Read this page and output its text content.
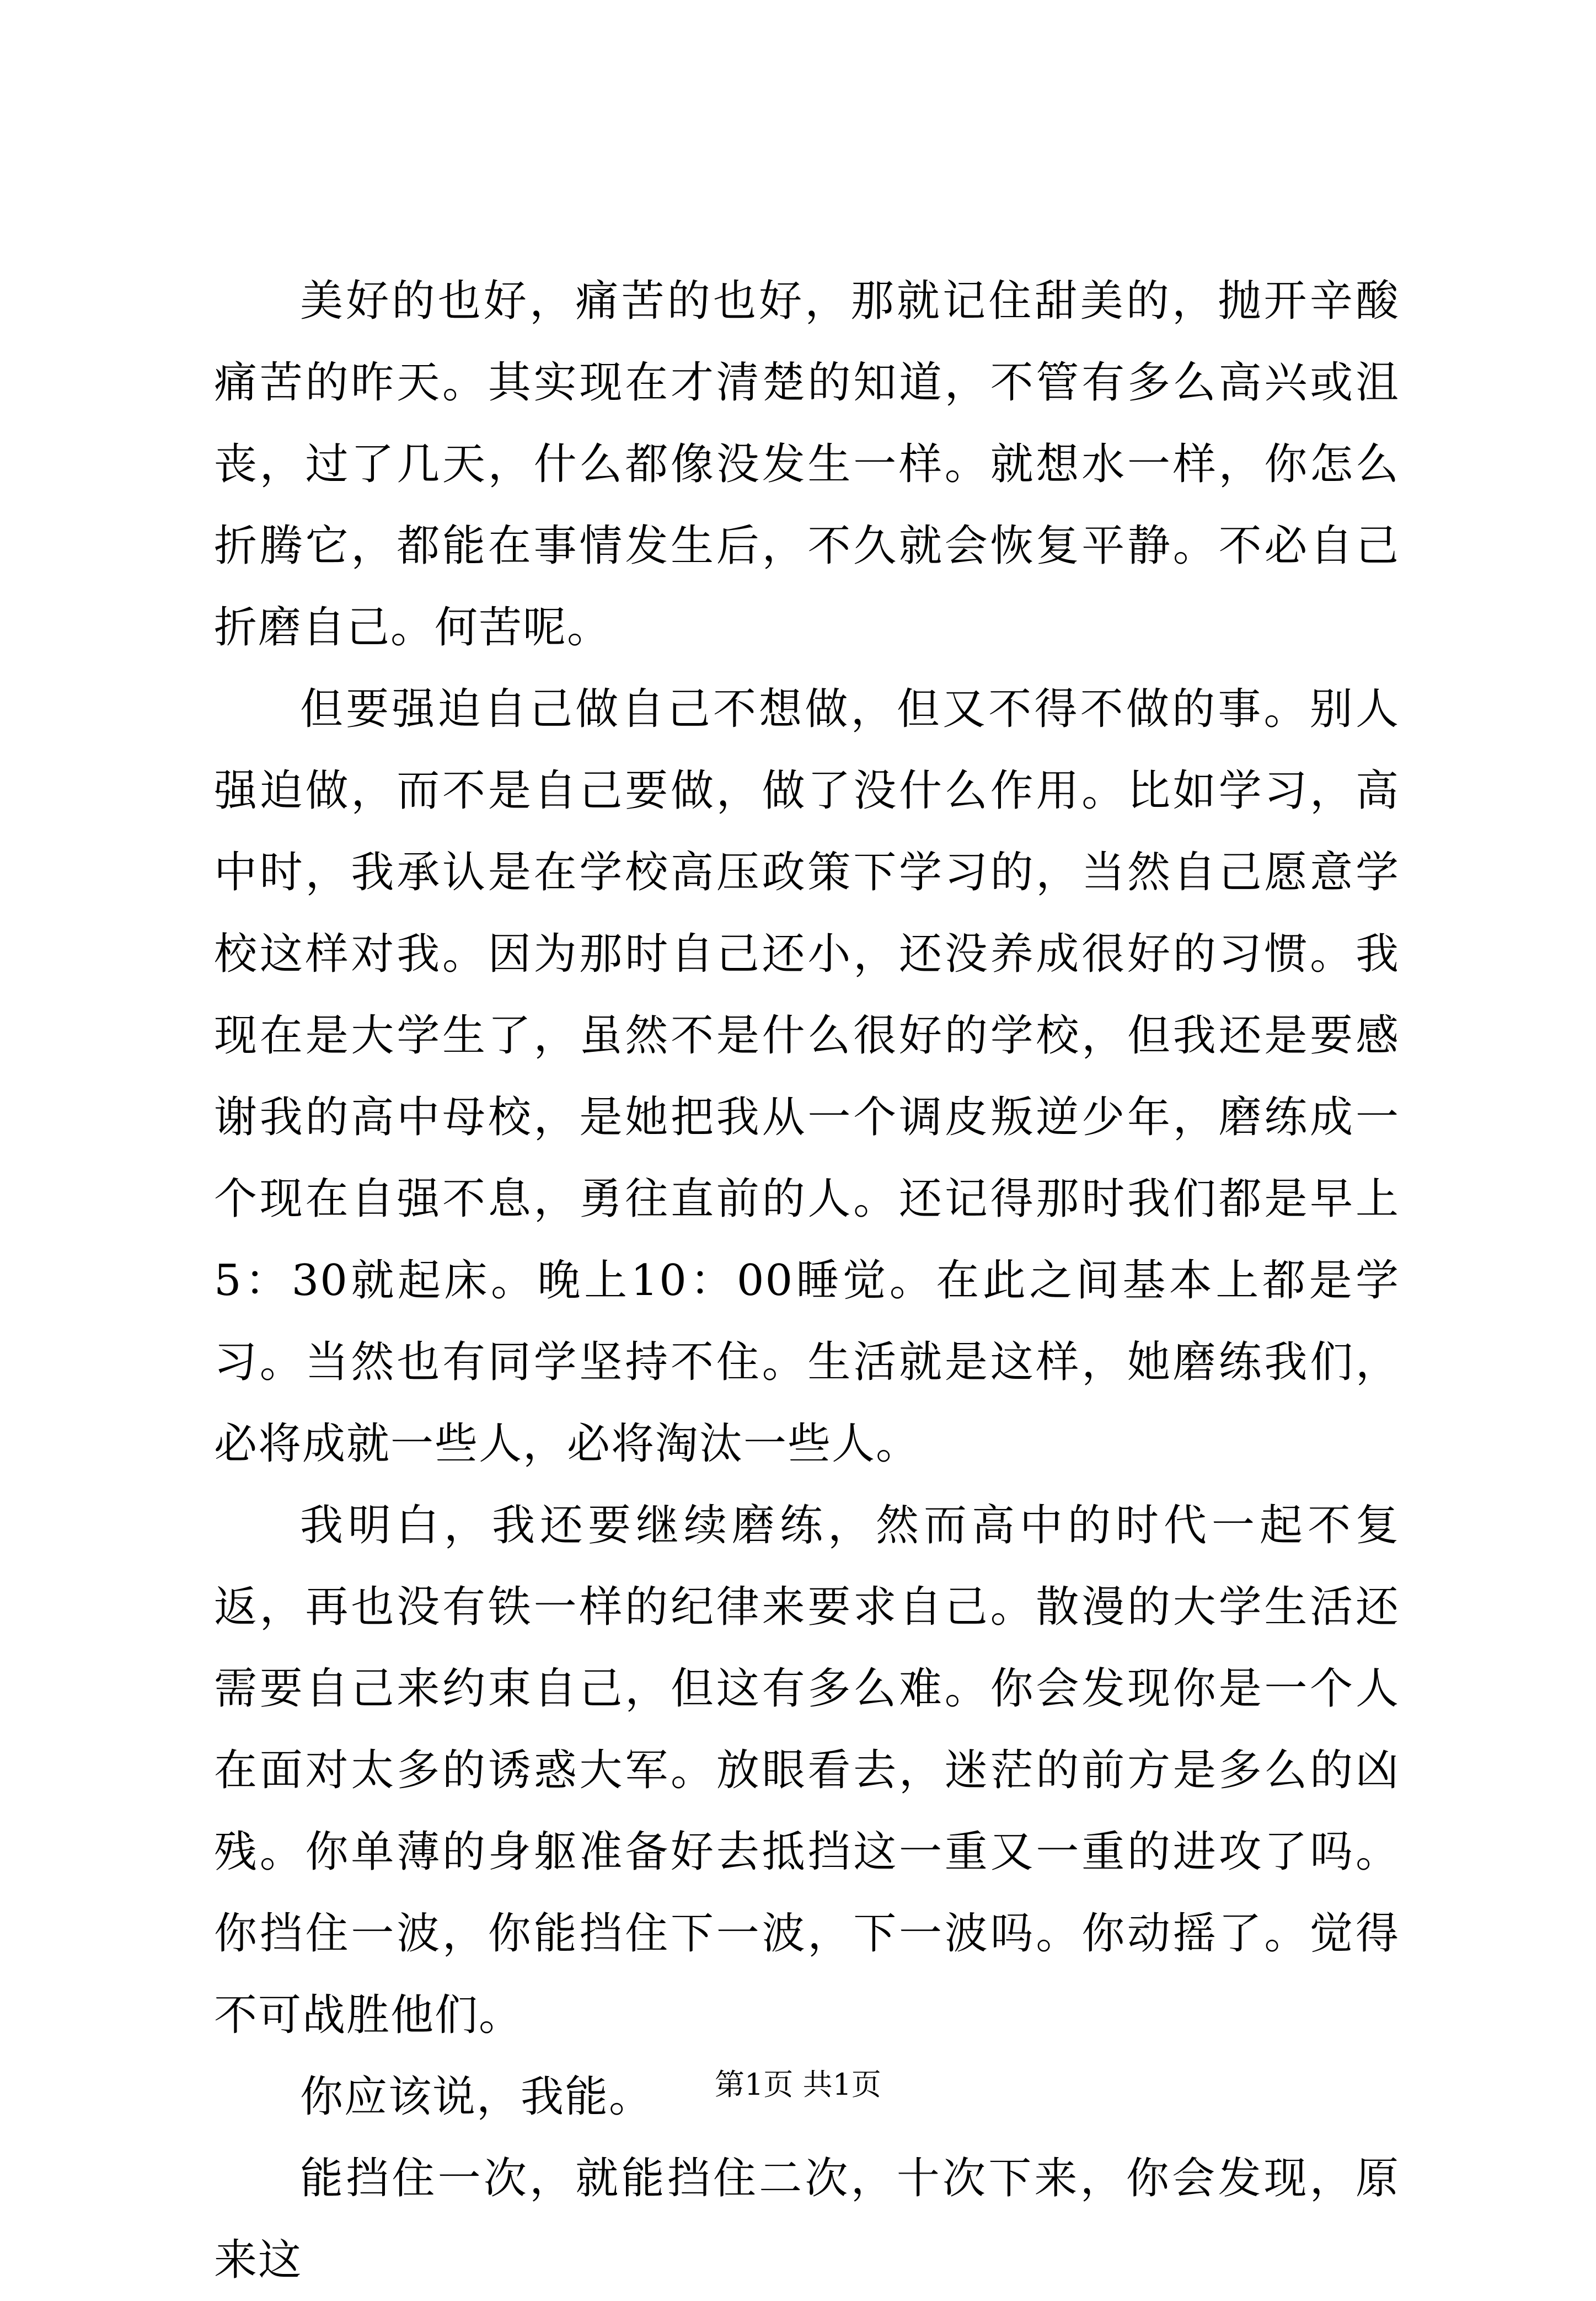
美好的也好，痛苦的也好，那就记住甜美的，抛开辛酸痛苦的昨天。其实现在才清楚的知道，不管有多么高兴或沮丧，过了几天，什么都像没发生一样。就想水一样，你怎么折腾它，都能在事情发生后，不久就会恢复平静。不必自己折磨自己。何苦呢。

但要强迫自己做自己不想做，但又不得不做的事。别人强迫做，而不是自己要做，做了没什么作用。比如学习，高中时，我承认是在学校高压政策下学习的，当然自己愿意学校这样对我。因为那时自己还小，还没养成很好的习惯。我现在是大学生了，虽然不是什么很好的学校，但我还是要感谢我的高中母校，是她把我从一个调皮叛逆少年，磨练成一个现在自强不息，勇往直前的人。还记得那时我们都是早上5：30就起床。晚上10：00睡觉。在此之间基本上都是学习。当然也有同学坚持不住。生活就是这样，她磨练我们，必将成就一些人，必将淘汰一些人。

我明白，我还要继续磨练，然而高中的时代一起不复返，再也没有铁一样的纪律来要求自己。散漫的大学生活还需要自己来约束自己，但这有多么难。你会发现你是一个人在面对太多的诱惑大军。放眼看去，迷茫的前方是多么的凶残。你单薄的身躯准备好去抵挡这一重又一重的进攻了吗。你挡住一波，你能挡住下一波，下一波吗。你动摇了。觉得不可战胜他们。

你应该说，我能。

能挡住一次，就能挡住二次，十次下来，你会发现，原来这

第1页 共1页
